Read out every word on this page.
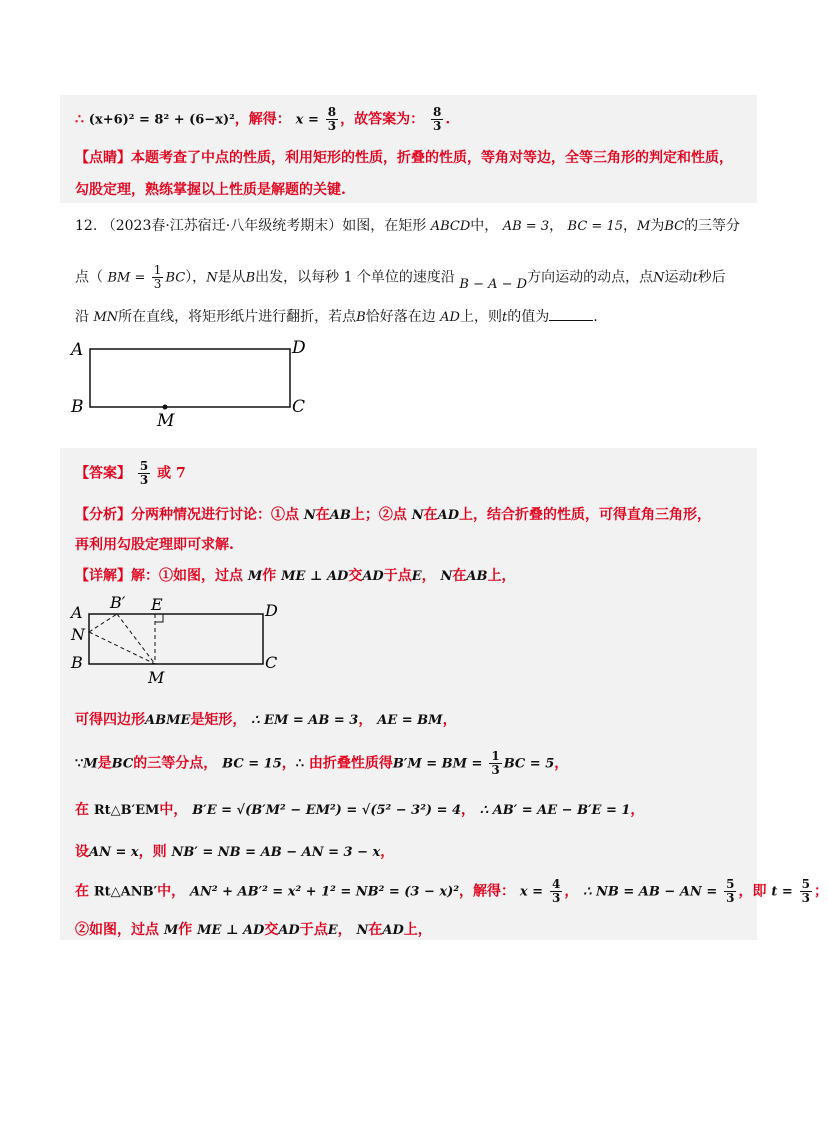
∴ (x+6)² = 8² + (6−x)²，解得： $x = \frac{8}{3}$ ，故答案为： $\frac{8}{3}$ .
【点睛】本题考查了中点的性质，利用矩形的性质，折叠的性质，等角对等边，全等三角形的判定和性质，
勾股定理，熟练掌握以上性质是解题的关键.
12. （2023春·江苏宿迁·八年级统考期末）如图，在矩形 ABCD中， AB = 3， BC = 15，M为BC的三等分
点（ BM = $\frac{1}{3} BC$），N是从B出发，以每秒 1 个单位的速度沿 B − A − D方向运动的动点，点N运动t秒后
沿 MN所在直线，将矩形纸片进行翻折，若点B恰好落在边 AD上，则t的值为	.
A	D
B	C
M
【答案】 $\frac{5}{3}$ 或 7
【分析】分两种情况进行讨论：①点 N在AB上；②点 N在AD上，结合折叠的性质，可得直角三角形，
再利用勾股定理即可求解.
【详解】解：①如图，过点 M作 ME ⊥ AD交AD于点E， N在AB上，
A
B′ E	D
N
B	C
M
可得四边形ABME是矩形， ∴ EM = AB = 3， AE = BM，
∵M是BC的三等分点， BC = 15，∴ 由折叠性质得B′M = BM = $\frac{1}{3}$ BC = 5，
在 Rt△B′EM中， B′E = √(B′M² − EM²) = √(5² − 3²) = 4， ∴ AB′ = AE − B′E = 1，
设AN = x，则 NB′ = NB = AB − AN = 3 − x，
在 Rt△ANB′中， AN² + AB′² = x² + 1² = NB² = (3 − x)²，解得： $x = \frac{4}{3}$ ， ∴ NB = AB − AN = $\frac{5}{3}$ ，即 $t = \frac{5}{3}$ ；
②如图，过点 M作 ME ⊥ AD交AD于点E， N在AD上，
